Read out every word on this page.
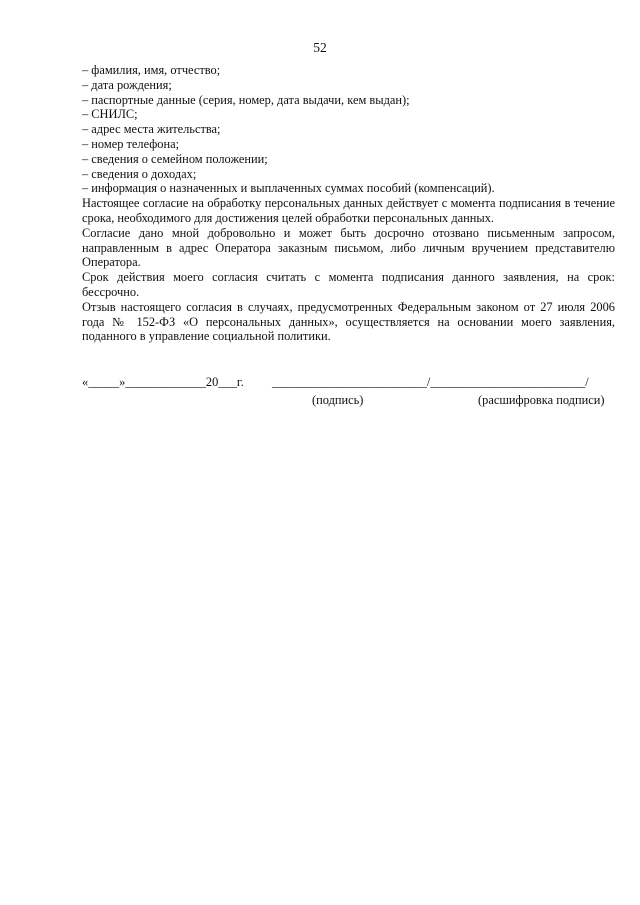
52
– фамилия, имя, отчество;
– дата рождения;
– паспортные данные (серия, номер, дата выдачи, кем выдан);
– СНИЛС;
– адрес места жительства;
– номер телефона;
– сведения о семейном положении;
– сведения о доходах;
– информация о назначенных и выплаченных суммах пособий (компенсаций).
Настоящее согласие на обработку персональных данных действует с момента подписания в течение срока, необходимого для достижения целей обработки персональных данных.
Согласие дано мной добровольно и может быть досрочно отозвано письменным запросом, направленным в адрес Оператора заказным письмом, либо личным вручением представителю Оператора.
Срок действия моего согласия считать с момента подписания данного заявления, на срок: бессрочно.
Отзыв настоящего согласия в случаях, предусмотренных Федеральным законом от 27 июля 2006 года № 152-ФЗ «О персональных данных», осуществляется на основании моего заявления, поданного в управление социальной политики.
«_____»_____________20___г. _________________________/_________________________/
(подпись)	(расшифровка подписи)
